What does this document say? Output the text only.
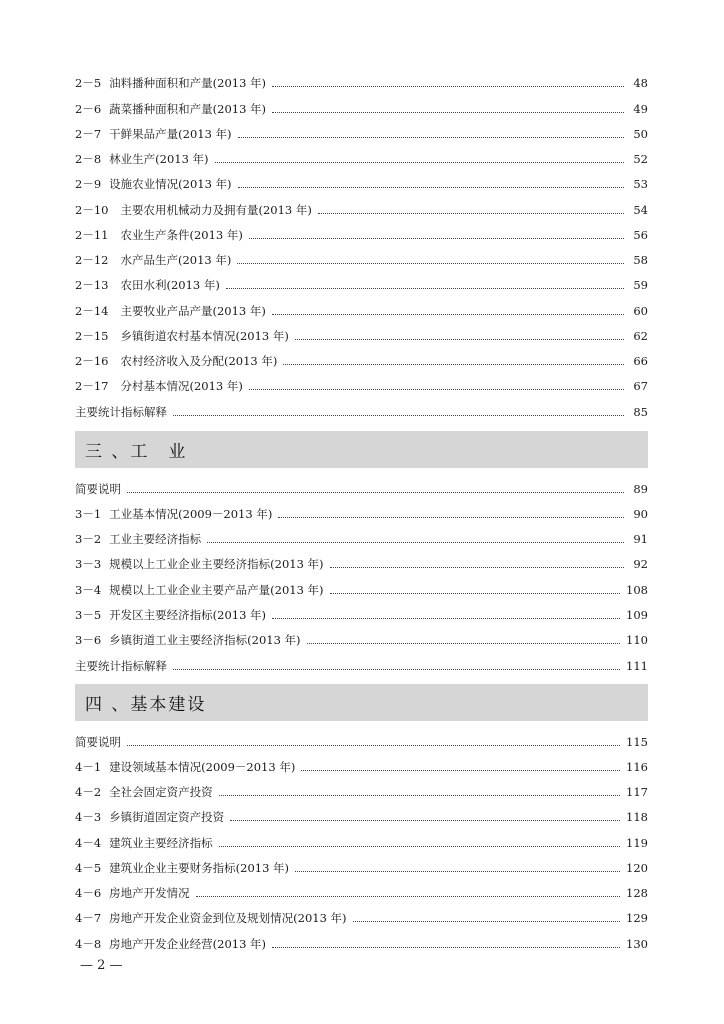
2－5 油料播种面积和产量(2013 年)	48
2－6 蔬菜播种面积和产量(2013 年)	49
2－7 干鲜果品产量(2013 年)	50
2－8 林业生产(2013 年)	52
2－9 设施农业情况(2013 年)	53
2－10 主要农用机械动力及拥有量(2013 年)	54
2－11 农业生产条件(2013 年)	56
2－12 水产品生产(2013 年)	58
2－13 农田水利(2013 年)	59
2－14 主要牧业产品产量(2013 年)	60
2－15 乡镇街道农村基本情况(2013 年)	62
2－16 农村经济收入及分配(2013 年)	66
2－17 分村基本情况(2013 年)	67
主要统计指标解释	85
三 、工　业
简要说明	89
3－1 工业基本情况(2009－2013 年)	90
3－2 工业主要经济指标	91
3－3 规模以上工业企业主要经济指标(2013 年)	92
3－4 规模以上工业企业主要产品产量(2013 年)	108
3－5 开发区主要经济指标(2013 年)	109
3－6 乡镇街道工业主要经济指标(2013 年)	110
主要统计指标解释	111
四 、基本建设
简要说明	115
4－1 建设领域基本情况(2009－2013 年)	116
4－2 全社会固定资产投资	117
4－3 乡镇街道固定资产投资	118
4－4 建筑业主要经济指标	119
4－5 建筑业企业主要财务指标(2013 年)	120
4－6 房地产开发情况	128
4－7 房地产开发企业资金到位及规划情况(2013 年)	129
4－8 房地产开发企业经营(2013 年)	130
— 2 —
